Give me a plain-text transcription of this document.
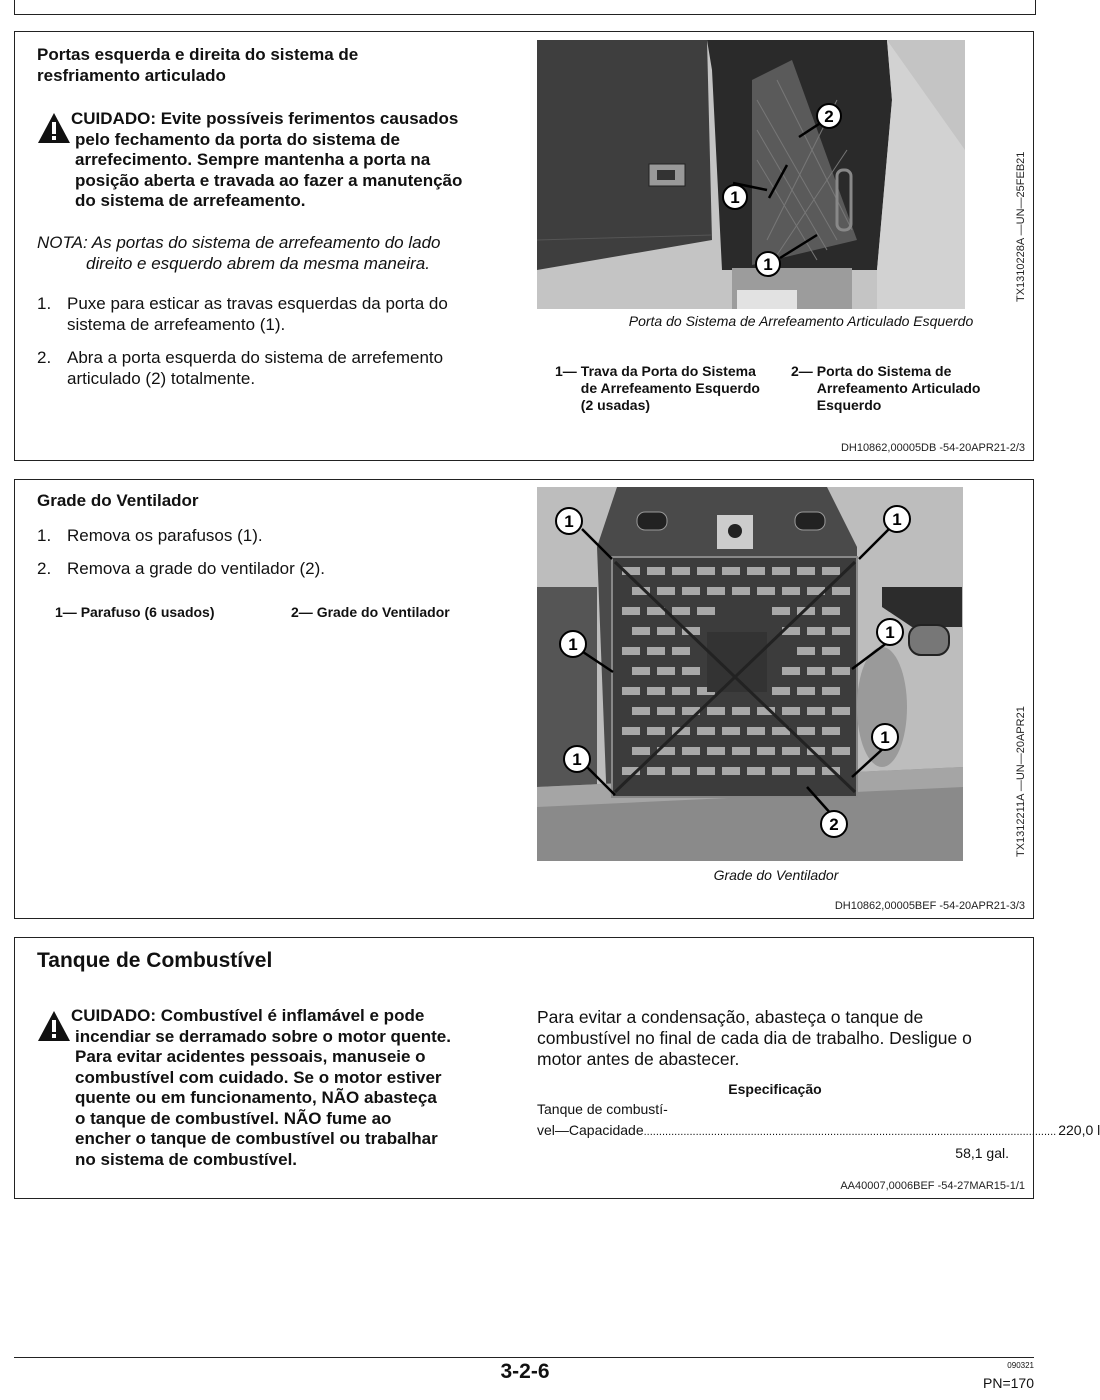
Portas esquerda e direita do sistema de
resfriamento articulado
CUIDADO: Evite possíveis ferimentos causados
pelo fechamento da porta do sistema de
arrefecimento. Sempre mantenha a porta na
posição aberta e travada ao fazer a manutenção
do sistema de arrefeamento.
NOTA: As portas do sistema de arrefeamento do lado
direito e esquerdo abrem da mesma maneira.
1. Puxe para esticar as travas esquerdas da porta do
sistema de arrefeamento (1).
2. Abra a porta esquerda do sistema de arrefemento
articulado (2) totalmente.
2
1
1	TX1310228A —UN—25FEB21
Porta do Sistema de Arrefeamento Articulado Esquerdo
1— Trava da Porta do Sistema
de Arrefeamento Esquerdo
(2 usadas)
2— Porta do Sistema de
Arrefeamento Articulado
Esquerdo
DH10862,00005DB -54-20APR21-2/3
Grade do Ventilador
1. Remova os parafusos (1).
2. Remova a grade do ventilador (2).
1— Parafuso (6 usados)	2— Grade do Ventilador
1	1
1
1
1
1
2	TX1312211A —UN—20APR21
Grade do Ventilador
DH10862,00005BEF -54-20APR21-3/3
Tanque de Combustível
CUIDADO: Combustível é inflamável e pode
incendiar se derramado sobre o motor quente.
Para evitar acidentes pessoais, manuseie o
combustível com cuidado. Se o motor estiver
quente ou em funcionamento, NÃO abasteça
o tanque de combustível. NÃO fume ao
encher o tanque de combustível ou trabalhar
no sistema de combustível.
Para evitar a condensação, abasteça o tanque de
combustível no final de cada dia de trabalho. Desligue o
motor antes de abastecer.
Especificação
Tanque de combustí-
vel—Capacidade ....................................................................................................................................... 220,0 l
58,1 gal.
AA40007,0006BEF -54-27MAR15-1/1
3-2-6	090321
PN=170
